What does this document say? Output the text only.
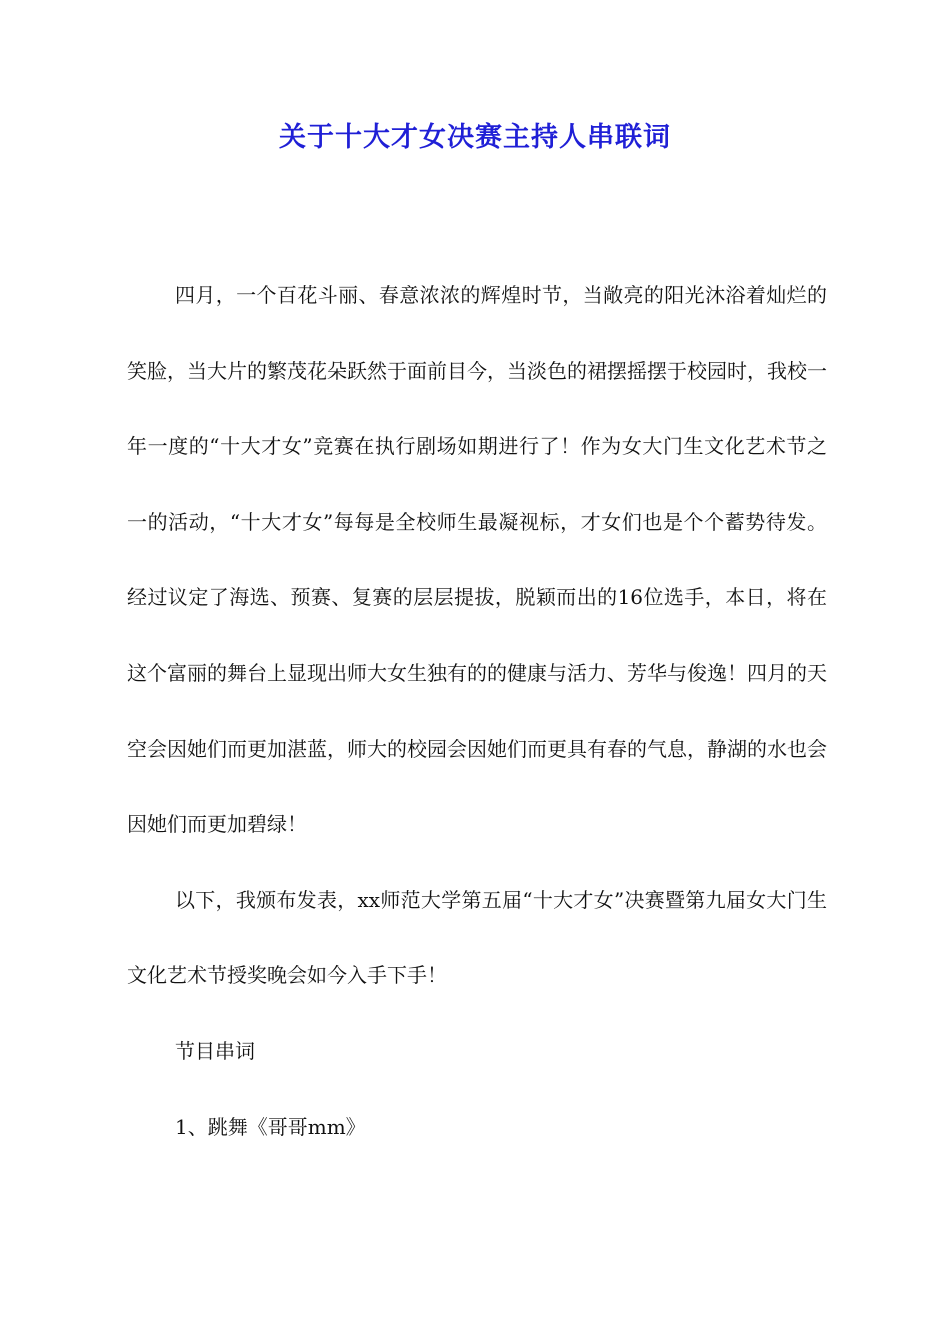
关于十大才女决赛主持人串联词

四月，一个百花斗丽、春意浓浓的辉煌时节，当敞亮的阳光沐浴着灿烂的笑脸，当大片的繁茂花朵跃然于面前目今，当淡色的裙摆摇摆于校园时，我校一年一度的“十大才女”竞赛在执行剧场如期进行了！作为女大门生文化艺术节之一的活动，“十大才女”每每是全校师生最凝视标，才女们也是个个蓄势待发。经过议定了海选、预赛、复赛的层层提拔，脱颖而出的16位选手，本日，将在这个富丽的舞台上显现出师大女生独有的的健康与活力、芳华与俊逸！四月的天空会因她们而更加湛蓝，师大的校园会因她们而更具有春的气息，静湖的水也会因她们而更加碧绿！

以下，我颁布发表，xx师范大学第五届“十大才女”决赛暨第九届女大门生文化艺术节授奖晚会如今入手下手！

节目串词

1、跳舞《哥哥mm》
